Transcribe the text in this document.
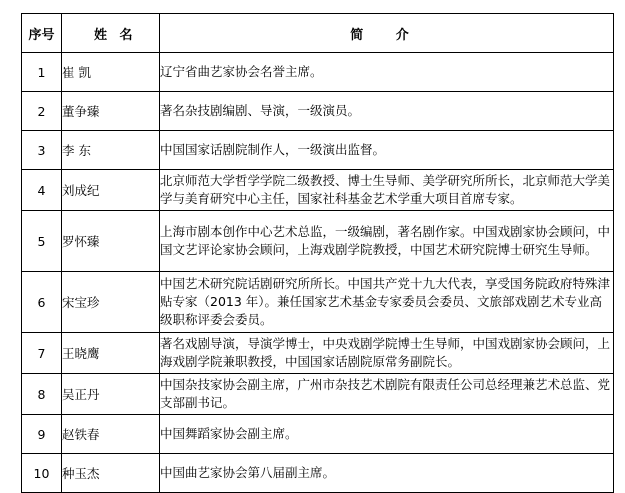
序号	姓 名	简 介
1	崔 凯	辽宁省曲艺家协会名誉主席。
2	董争臻	著名杂技剧编剧、导演，一级演员。
3	李 东	中国国家话剧院制作人，一级演出监督。
4	刘成纪	北京师范大学哲学学院二级教授、博士生导师、美学研究所所长，北京师范大学美学与美育研究中心主任，国家社科基金艺术学重大项目首席专家。
5	罗怀臻	上海市剧本创作中心艺术总监，一级编剧，著名剧作家。中国戏剧家协会顾问，中国文艺评论家协会顾问，上海戏剧学院教授，中国艺术研究院博士研究生导师。
6	宋宝珍	中国艺术研究院话剧研究所所长。中国共产党十九大代表，享受国务院政府特殊津贴专家（2013 年）。兼任国家艺术基金专家委员会委员、文旅部戏剧艺术专业高级职称评委会委员。
7	王晓鹰	著名戏剧导演，导演学博士，中央戏剧学院博士生导师，中国戏剧家协会顾问，上海戏剧学院兼职教授，中国国家话剧院原常务副院长。
8	吴正丹	中国杂技家协会副主席，广州市杂技艺术剧院有限责任公司总经理兼艺术总监、党支部副书记。
9	赵铁春	中国舞蹈家协会副主席。
10	种玉杰	中国曲艺家协会第八届副主席。
